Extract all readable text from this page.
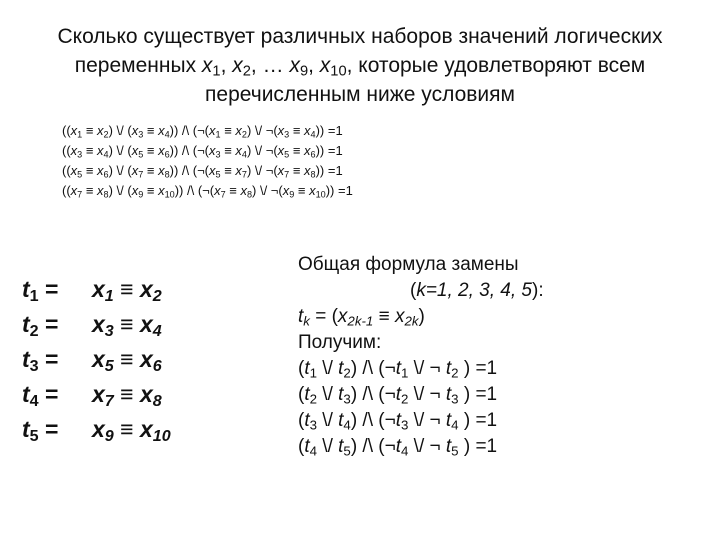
Сколько существует различных наборов значений логических переменных $x_1$, $x_2$, … $x_9$, $x_{10}$, которые удовлетворяют всем перечисленным ниже условиям
($(x_1 \equiv x_2)$ \/ $(x_3 \equiv x_4)$) /\ ($\neg(x_1 \equiv x_2)$ \/ $\neg(x_3 \equiv x_4)) =1$
($(x_3 \equiv x_4)$ \/ $(x_5 \equiv x_6)$) /\ ($\neg(x_3 \equiv x_4)$ \/ $\neg(x_5 \equiv x_6)) =1$
($(x_5 \equiv x_6)$ \/ $(x_7 \equiv x_8)$) /\ ($\neg(x_5 \equiv x_7)$ \/ $\neg(x_7 \equiv x_8)) =1$
($(x_7 \equiv x_8)$ \/ $(x_9 \equiv x_{10})$) /\ ($\neg(x_7 \equiv x_8)$ \/ $\neg(x_9 \equiv x_{10})) =1$
$t_1$ =	$x_1 \equiv x_2$
$t_2$ =	$x_3 \equiv x_4$
$t_3$ =	$x_5 \equiv x_6$
$t_4$ =	$x_7 \equiv x_8$
$t_5$ =	$x_9 \equiv x_{10}$
Общая формула замены
(k=1, 2, 3, 4, 5):
$t_k = (x_{2k-1} \equiv x_{2k})$
Получим:
($t_1$ \/ $t_2$) /\ ($\neg t_1$ \/ ¬ $t_2$ ) =1
($t_2$ \/ $t_3$) /\ ($\neg t_2$ \/ ¬ $t_3$ ) =1
($t_3$ \/ $t_4$) /\ ($\neg t_3$ \/ ¬ $t_4$ ) =1
($t_4$ \/ $t_5$) /\ ($\neg t_4$ \/ ¬ $t_5$ ) =1
